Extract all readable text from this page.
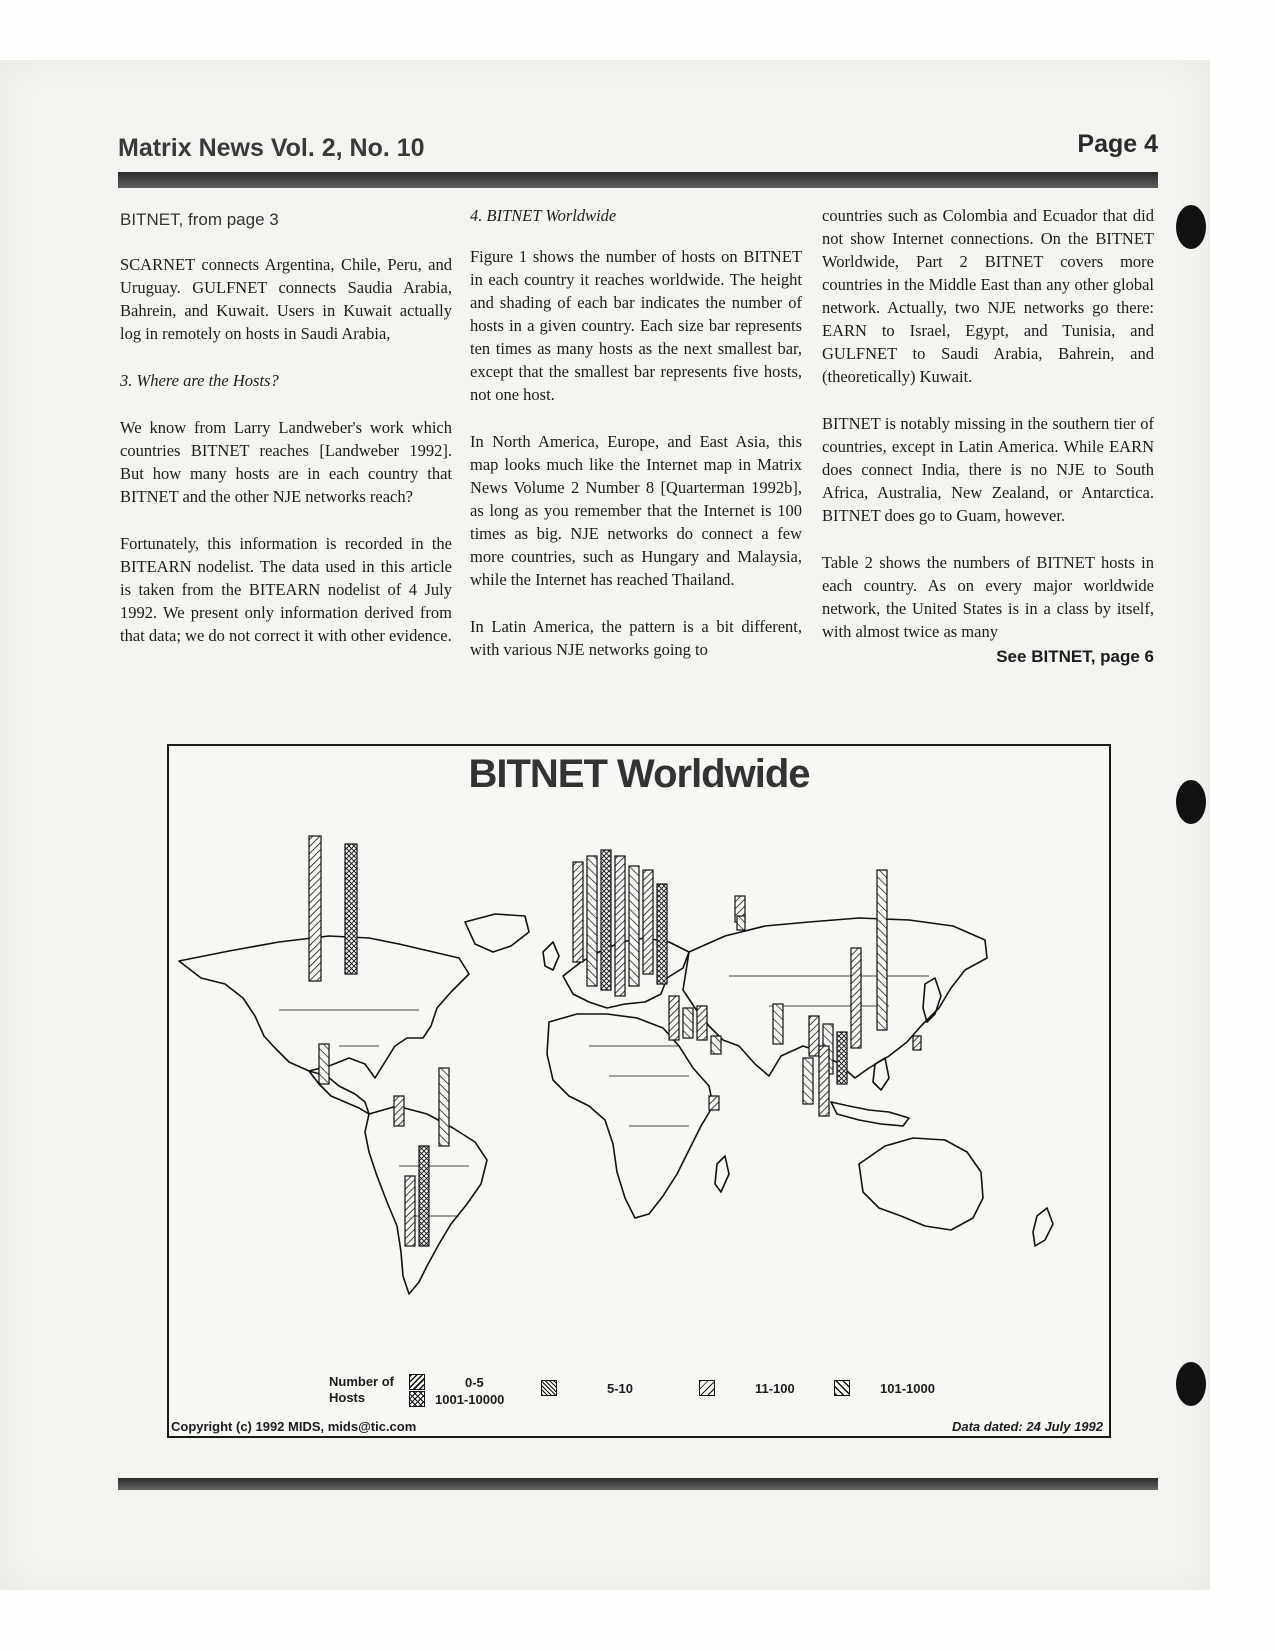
Matrix News Vol. 2, No. 10	Page 4
BITNET, from page 3

SCARNET connects Argentina, Chile, Peru, and Uruguay. GULFNET connects Saudia Arabia, Bahrein, and Kuwait. Users in Kuwait actually log in remotely on hosts in Saudi Arabia,

3. Where are the Hosts?

We know from Larry Landweber's work which countries BITNET reaches [Landweber 1992]. But how many hosts are in each country that BITNET and the other NJE networks reach?

Fortunately, this information is recorded in the BITEARN nodelist. The data used in this article is taken from the BITEARN nodelist of 4 July 1992. We present only information derived from that data; we do not correct it with other evidence.

4. BITNET Worldwide

Figure 1 shows the number of hosts on BITNET in each country it reaches worldwide. The height and shading of each bar indicates the number of hosts in a given country. Each size bar represents ten times as many hosts as the next smallest bar, except that the smallest bar represents five hosts, not one host.

In North America, Europe, and East Asia, this map looks much like the Internet map in Matrix News Volume 2 Number 8 [Quarterman 1992b], as long as you remember that the Internet is 100 times as big. NJE networks do connect a few more countries, such as Hungary and Malaysia, while the Internet has reached Thailand.

In Latin America, the pattern is a bit different, with various NJE networks going to

countries such as Colombia and Ecuador that did not show Internet connections. On the BITNET Worldwide, Part 2 BITNET covers more countries in the Middle East than any other global network. Actually, two NJE networks go there: EARN to Israel, Egypt, and Tunisia, and GULFNET to Saudi Arabia, Bahrein, and (theoretically) Kuwait.

BITNET is notably missing in the southern tier of countries, except in Latin America. While EARN does connect India, there is no NJE to South Africa, Australia, New Zealand, or Antarctica. BITNET does go to Guam, however.

Table 2 shows the numbers of BITNET hosts in each country. As on every major worldwide network, the United States is in a class by itself, with almost twice as many

See BITNET, page 6
BITNET Worldwide
Number of Hosts
0-5
1001-10000
5-10	11-100	101-1000
Copyright (c) 1992 MIDS, mids@tic.com	Data dated: 24 July 1992
